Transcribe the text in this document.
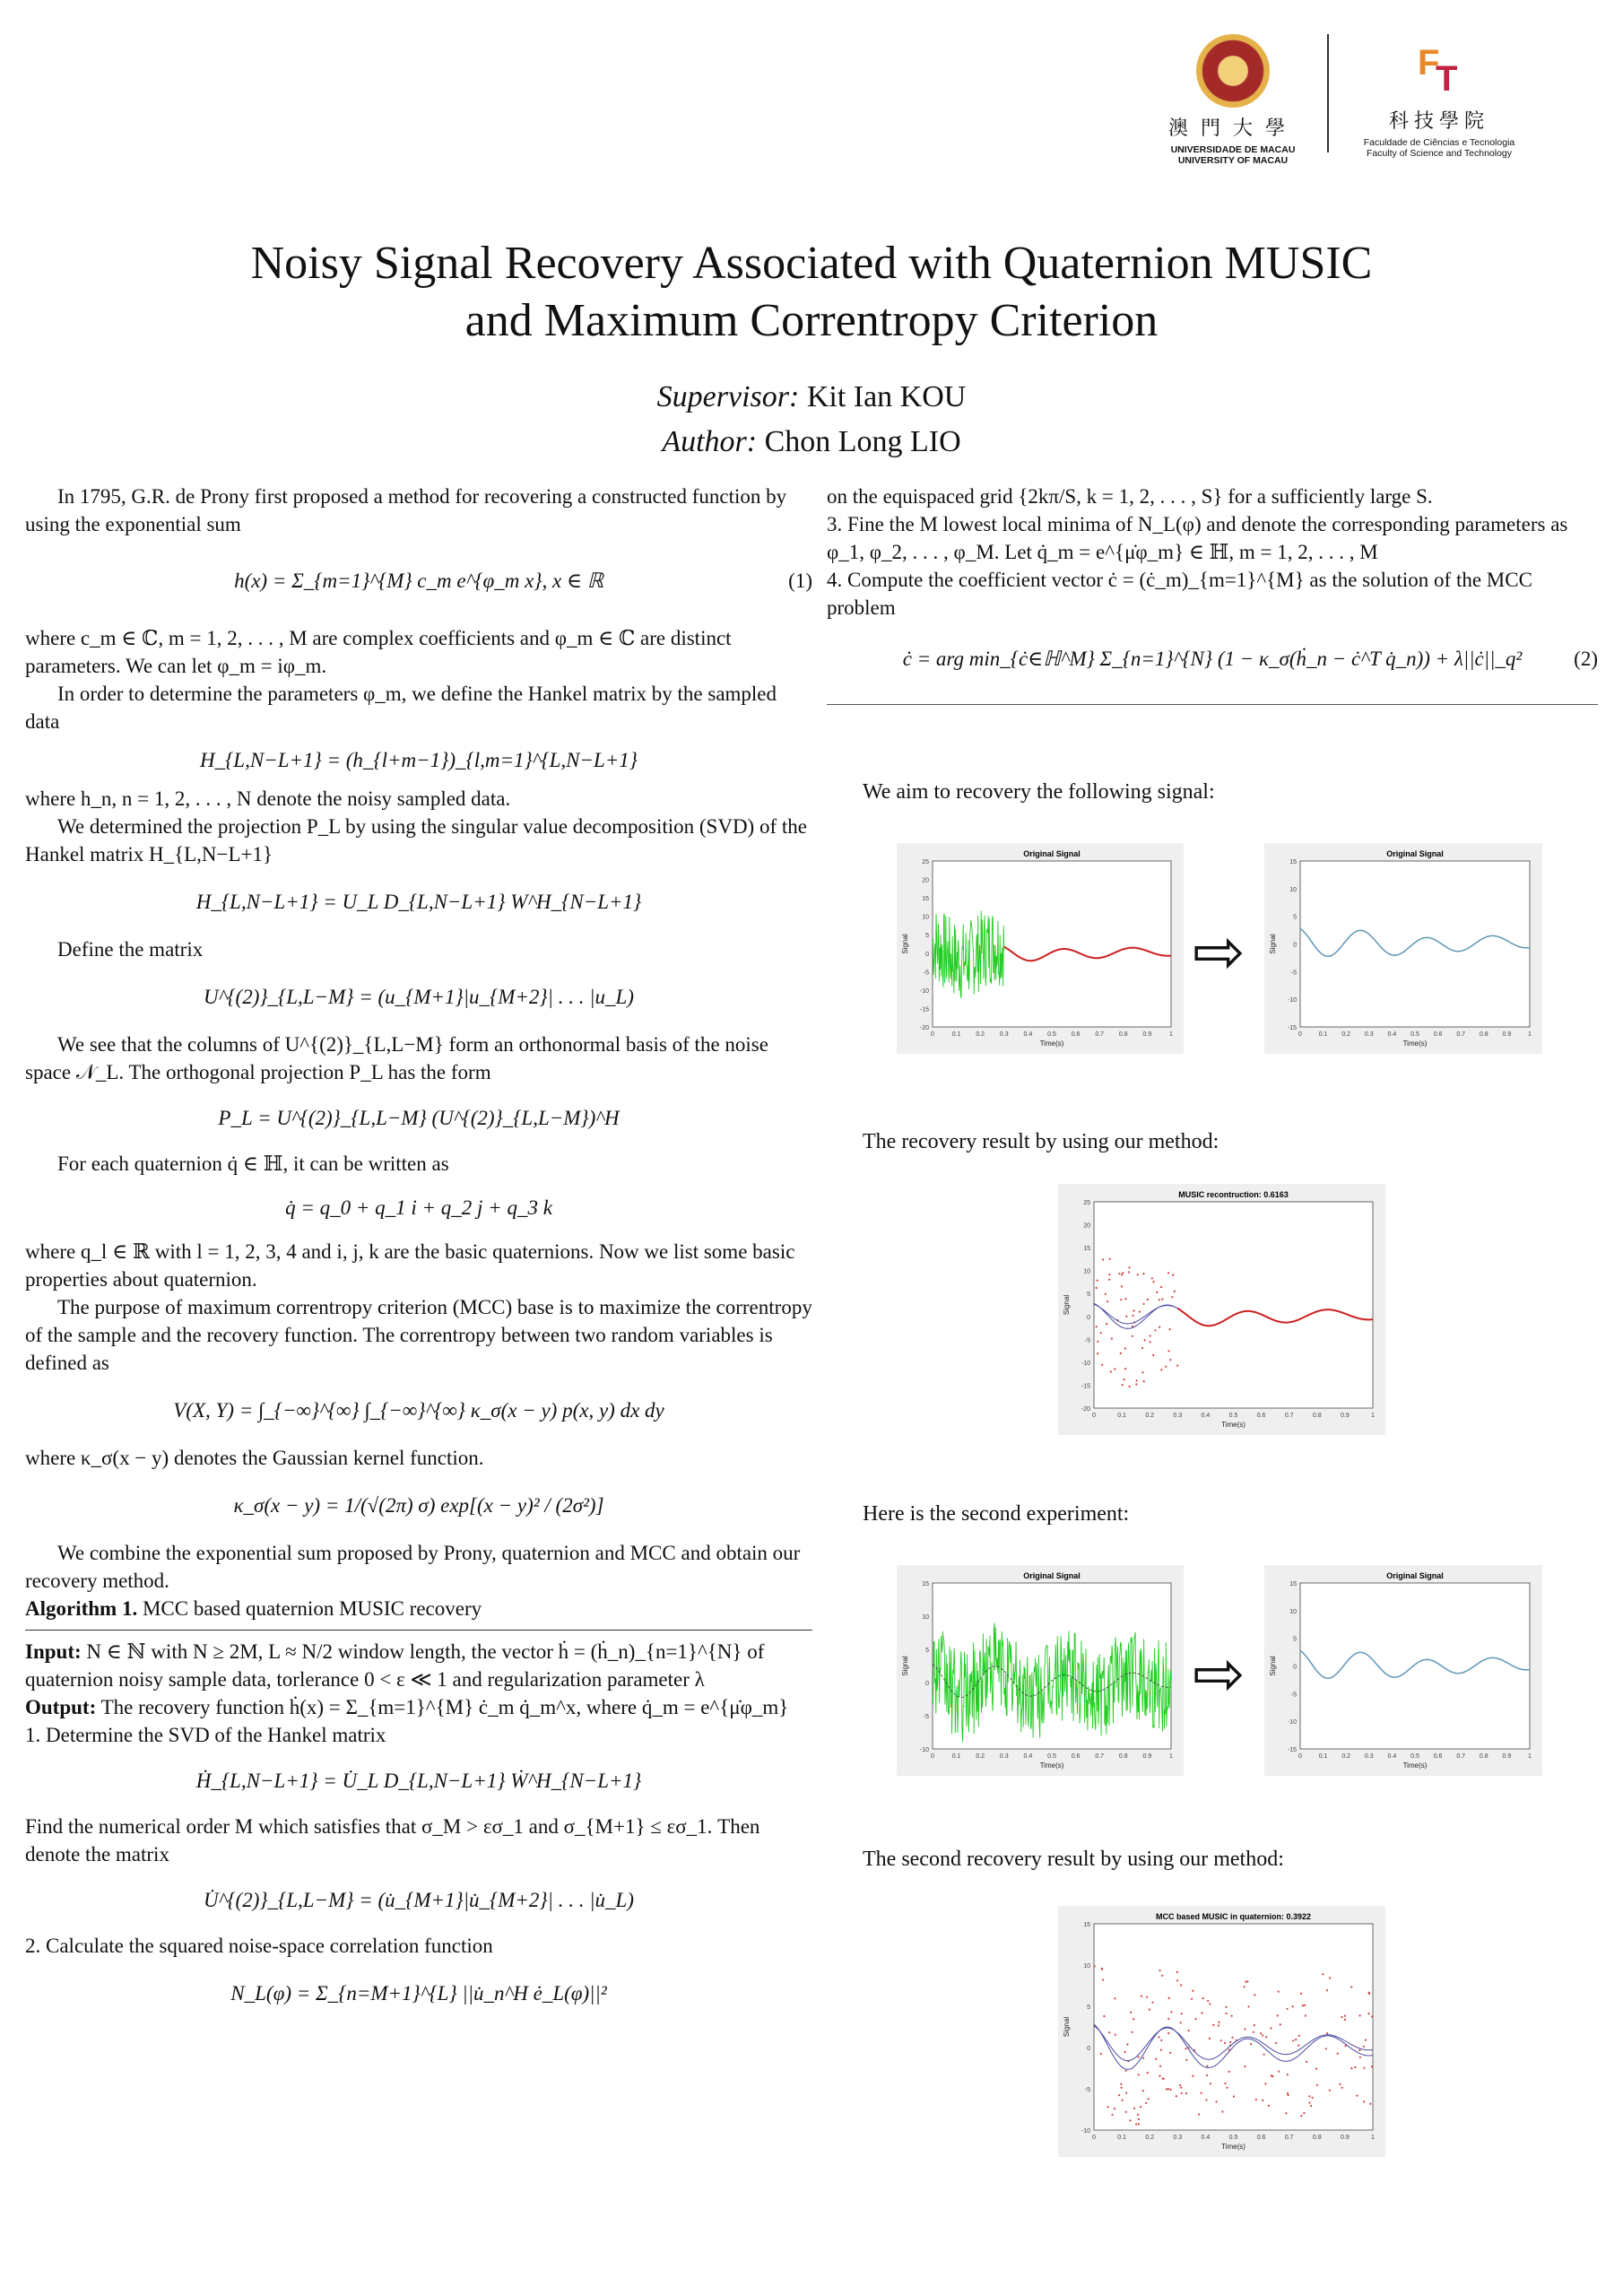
澳門大學
UNIVERSIDADE DE MACAU
UNIVERSITY OF MACAU
F
T
科技學院
Faculdade de Ciências e Tecnologia
Faculty of Science and Technology
Noisy Signal Recovery Associated with Quaternion MUSIC
and Maximum Correntropy Criterion
Supervisor: Kit Ian KOU
Author: Chon Long LIO

In 1795, G.R. de Prony first proposed a method for recovering a constructed function by using the exponential sum

h(x) = Σ_{m=1}^{M} c_m e^{φ_m x}, x ∈ ℝ	(1)

where c_m ∈ ℂ, m = 1, 2, . . . , M are complex coefficients and φ_m ∈ ℂ are distinct parameters. We can let φ_m = iφ_m.

In order to determine the parameters φ_m, we define the Hankel matrix by the sampled data

H_{L,N−L+1} = (h_{l+m−1})_{l,m=1}^{L,N−L+1}

where h_n, n = 1, 2, . . . , N denote the noisy sampled data.

We determined the projection P_L by using the singular value decomposition (SVD) of the Hankel matrix H_{L,N−L+1}

H_{L,N−L+1} = U_L D_{L,N−L+1} W^H_{N−L+1}

Define the matrix

U^{(2)}_{L,L−M} = (u_{M+1}|u_{M+2}| . . . |u_L)

We see that the columns of U^{(2)}_{L,L−M} form an orthonormal basis of the noise space 𝒩_L. The orthogonal projection P_L has the form

P_L = U^{(2)}_{L,L−M} (U^{(2)}_{L,L−M})^H

For each quaternion q̇ ∈ ℍ, it can be written as

q̇ = q_0 + q_1 i + q_2 j + q_3 k

where q_l ∈ ℝ with l = 1, 2, 3, 4 and i, j, k are the basic quaternions. Now we list some basic properties about quaternion.

The purpose of maximum correntropy criterion (MCC) base is to maximize the correntropy of the sample and the recovery function. The correntropy between two random variables is defined as

V(X, Y) = ∫_{−∞}^{∞} ∫_{−∞}^{∞} κ_σ(x − y) p(x, y) dx dy

where κ_σ(x − y) denotes the Gaussian kernel function.

κ_σ(x − y) = 1/(√(2π) σ) exp[(x − y)² / (2σ²)]

We combine the exponential sum proposed by Prony, quaternion and MCC and obtain our recovery method.

Algorithm 1. MCC based quaternion MUSIC recovery

Input: N ∈ ℕ with N ≥ 2M, L ≈ N/2 window length, the vector ḣ = (ḣ_n)_{n=1}^{N} of quaternion noisy sample data, torlerance 0 < ε ≪ 1 and regularization parameter λ

Output: The recovery function ḣ(x) = Σ_{m=1}^{M} ċ_m q̇_m^x, where q̇_m = e^{μ̇φ_m}

1. Determine the SVD of the Hankel matrix

Ḣ_{L,N−L+1} = U̇_L D_{L,N−L+1} Ẇ^H_{N−L+1}

Find the numerical order M which satisfies that σ_M > εσ_1 and σ_{M+1} ≤ εσ_1. Then denote the matrix

U̇^{(2)}_{L,L−M} = (u̇_{M+1}|u̇_{M+2}| . . . |u̇_L)

2. Calculate the squared noise-space correlation function

N_L(φ) = Σ_{n=M+1}^{L} ||u̇_n^H ė_L(φ)||²

on the equispaced grid {2kπ/S, k = 1, 2, . . . , S} for a sufficiently large S.

3. Fine the M lowest local minima of N_L(φ) and denote the corresponding parameters as φ_1, φ_2, . . . , φ_M. Let q̇_m = e^{μ̇φ_m} ∈ ℍ, m = 1, 2, . . . , M

4. Compute the coefficient vector ċ = (ċ_m)_{m=1}^{M} as the solution of the MCC problem

ċ = arg min_{ċ∈ℍ^M} Σ_{n=1}^{N} (1 − κ_σ(ḣ_n − ċ^T q̇_n)) + λ||ċ||_q²	(2)
We aim to recovery the following signal:
The recovery result by using our method:
Here is the second experiment:
The second recovery result by using our method:
⇨
⇨
Original Signal
25
20
15
10
5
0
-5
-10
-15
-20
0	0.1 0.2 0.3 0.4 0.5 0.6 0.7 0.8 0.9	1
Time(s)
Signal
Original Signal
15
10
5
0
-5
-10
-15
0	0.1 0.2 0.3 0.4 0.5 0.6 0.7 0.8 0.9	1
Time(s)
Signal
MUSIC recontruction: 0.6163
25
20
15
10
5
0
-5
-10
-15
-20
0	0.1	0.2	0.3	0.4	0.5	0.6	0.7	0.8	0.9	1
Time(s)
Signal
Original Signal
15
10
5
0
-5
-10
0	0.1 0.2 0.3 0.4 0.5 0.6 0.7 0.8 0.9	1
Time(s)
Signal
Original Signal
15
10
5
0
-5
-10
-15
0	0.1 0.2 0.3 0.4 0.5 0.6 0.7 0.8 0.9	1
Time(s)
Signal
MCC based MUSIC in quaternion: 0.3922
15
10
5
0
-5
-10
0	0.1	0.2	0.3	0.4	0.5	0.6	0.7	0.8	0.9	1
Time(s)
Signal
